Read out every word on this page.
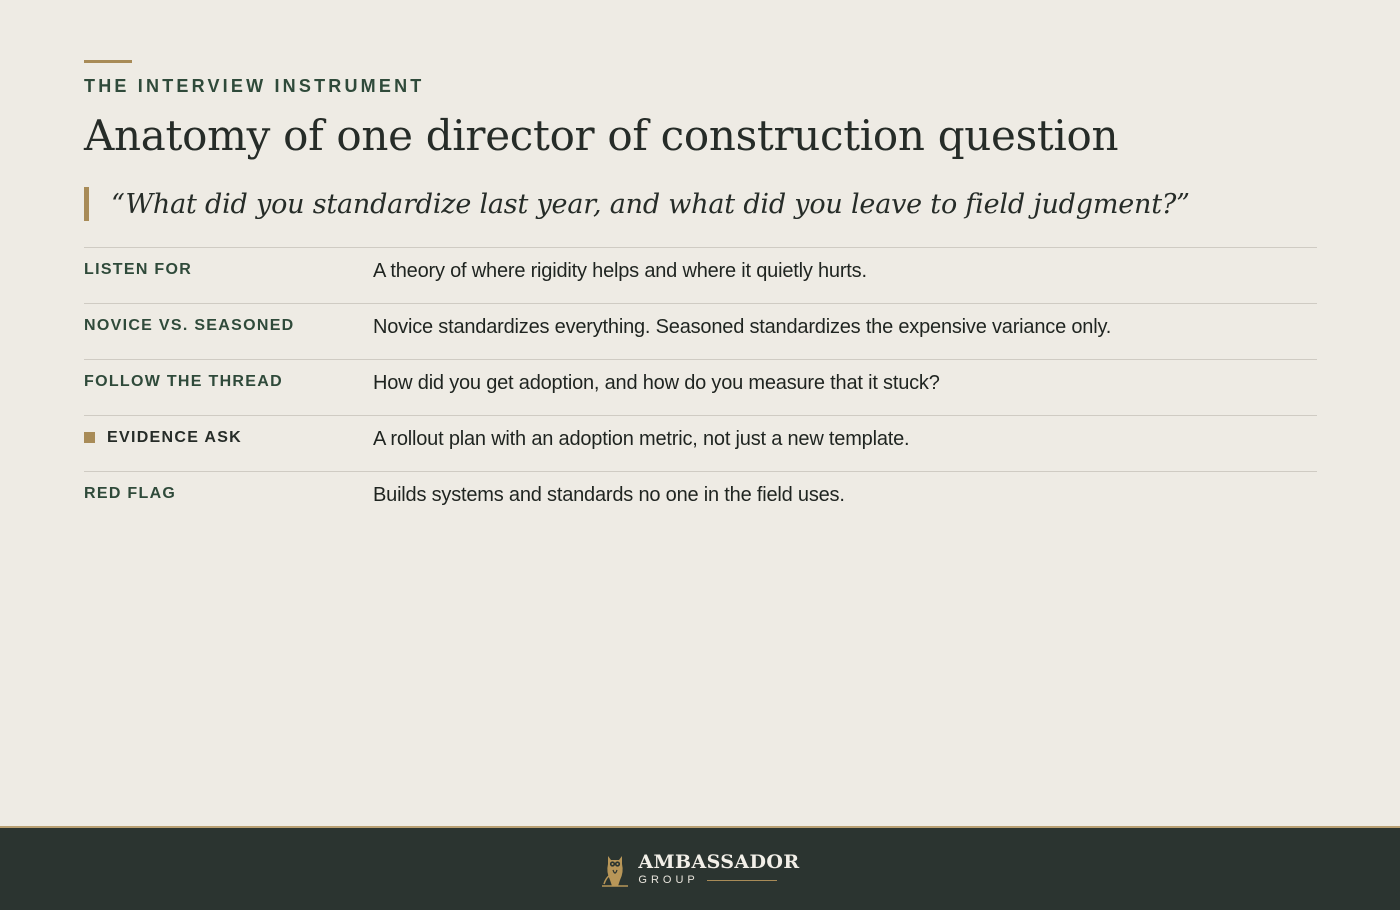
THE INTERVIEW INSTRUMENT
Anatomy of one director of construction question
“What did you standardize last year, and what did you leave to field judgment?”
LISTEN FOR	A theory of where rigidity helps and where it quietly hurts.
NOVICE VS. SEASONED	Novice standardizes everything. Seasoned standardizes the expensive variance only.
FOLLOW THE THREAD	How did you get adoption, and how do you measure that it stuck?
EVIDENCE ASK	A rollout plan with an adoption metric, not just a new template.
RED FLAG	Builds systems and standards no one in the field uses.
AMBASSADOR
GROUP
